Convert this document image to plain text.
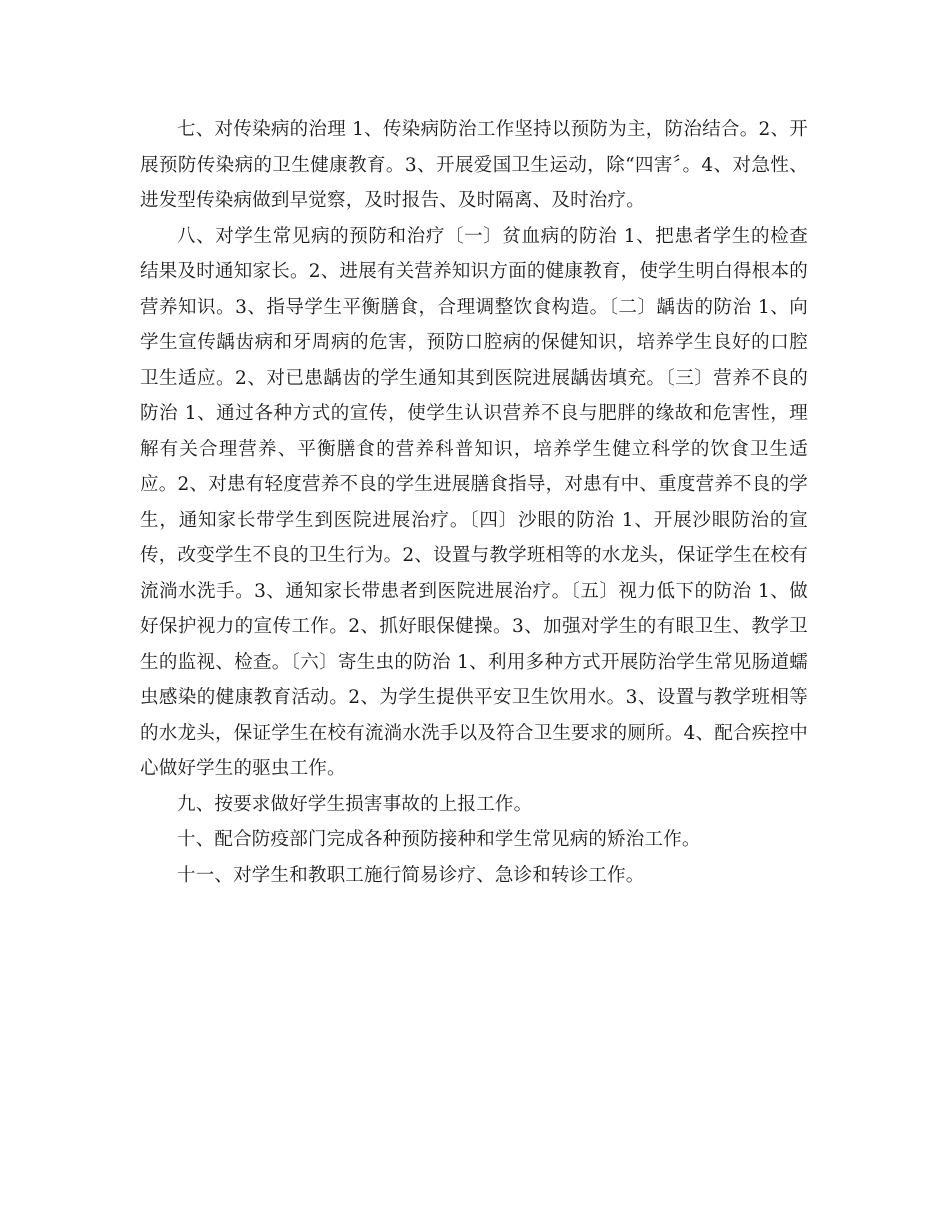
七、对传染病的治理 1、传染病防治工作坚持以预防为主，防治结合。2、开展预防传染病的卫生健康教育。3、开展爱国卫生运动，除“四害〞。4、对急性、进发型传染病做到早觉察，及时报告、及时隔离、及时治疗。

八、对学生常见病的预防和治疗〔一〕贫血病的防治 1、把患者学生的检查结果及时通知家长。2、进展有关营养知识方面的健康教育，使学生明白得根本的营养知识。3、指导学生平衡膳食，合理调整饮食构造。〔二〕龋齿的防治 1、向学生宣传龋齿病和牙周病的危害，预防口腔病的保健知识，培养学生良好的口腔卫生适应。2、对已患龋齿的学生通知其到医院进展龋齿填充。〔三〕营养不良的防治 1、通过各种方式的宣传，使学生认识营养不良与肥胖的缘故和危害性，理解有关合理营养、平衡膳食的营养科普知识，培养学生健立科学的饮食卫生适应。2、对患有轻度营养不良的学生进展膳食指导，对患有中、重度营养不良的学生，通知家长带学生到医院进展治疗。〔四〕沙眼的防治 1、开展沙眼防治的宣传，改变学生不良的卫生行为。2、设置与教学班相等的水龙头，保证学生在校有流淌水洗手。3、通知家长带患者到医院进展治疗。〔五〕视力低下的防治 1、做好保护视力的宣传工作。2、抓好眼保健操。3、加强对学生的有眼卫生、教学卫生的监视、检查。〔六〕寄生虫的防治 1、利用多种方式开展防治学生常见肠道蠕虫感染的健康教育活动。2、为学生提供平安卫生饮用水。3、设置与教学班相等的水龙头，保证学生在校有流淌水洗手以及符合卫生要求的厕所。4、配合疾控中心做好学生的驱虫工作。

九、按要求做好学生损害事故的上报工作。

十、配合防疫部门完成各种预防接种和学生常见病的矫治工作。

十一、对学生和教职工施行简易诊疗、急诊和转诊工作。
